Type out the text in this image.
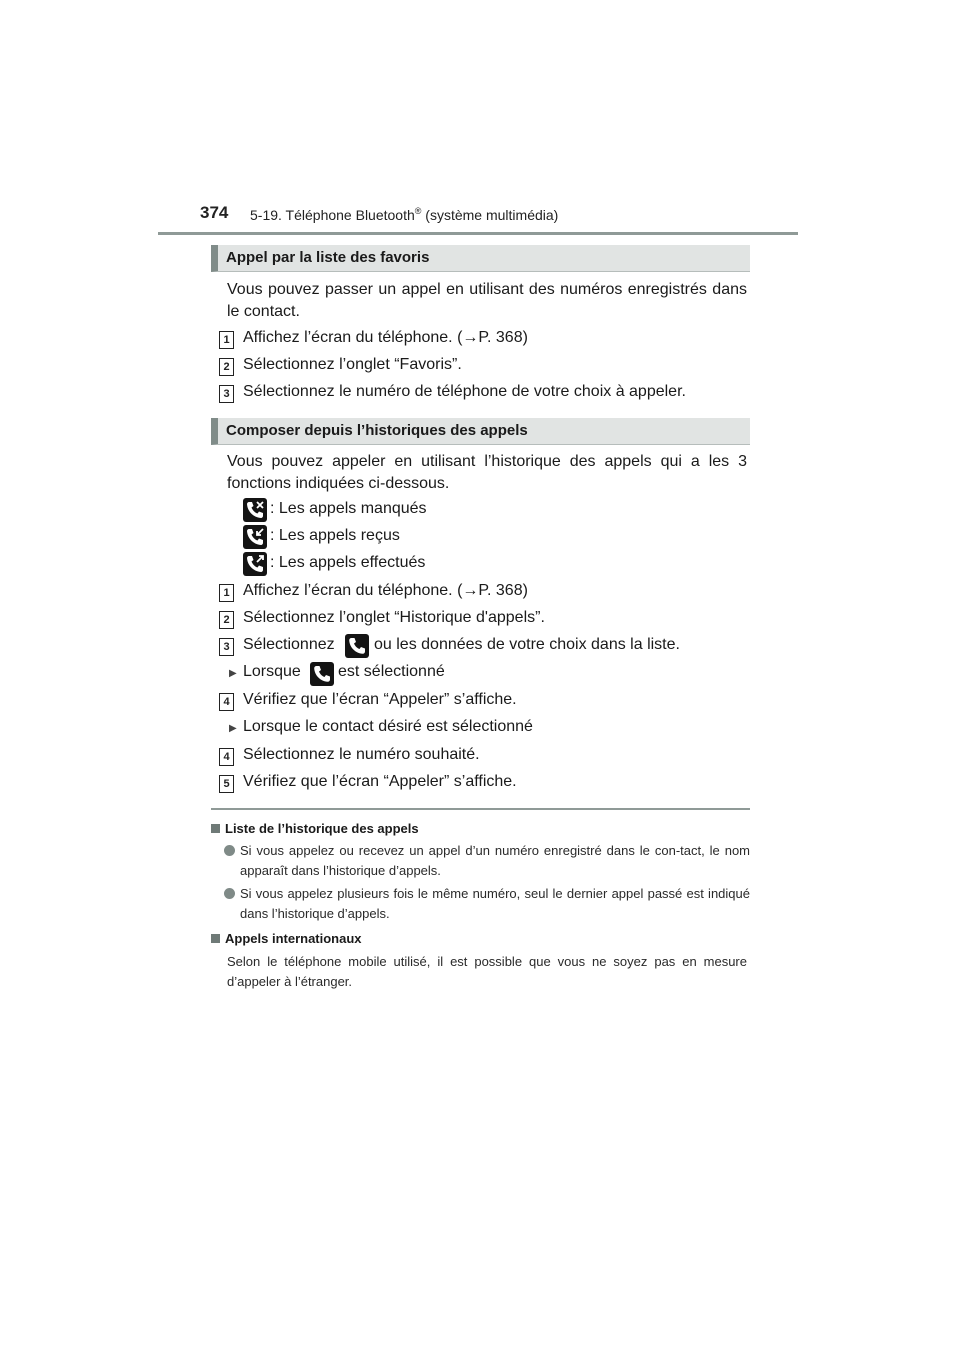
374 5-19. Téléphone Bluetooth® (système multimédia)
Appel par la liste des favoris
Vous pouvez passer un appel en utilisant des numéros enregistrés dans le contact.
1 Affichez l’écran du téléphone. (→P. 368)
2 Sélectionnez l’onglet “Favoris”.
3 Sélectionnez le numéro de téléphone de votre choix à appeler.
Composer depuis l’historiques des appels
Vous pouvez appeler en utilisant l’historique des appels qui a les 3 fonctions indiquées ci-dessous.
: Les appels manqués
: Les appels reçus
: Les appels effectués
1 Affichez l’écran du téléphone. (→P. 368)
2 Sélectionnez l’onglet “Historique d'appels”.
3 Sélectionnez ou les données de votre choix dans la liste.
▶ Lorsque est sélectionné
4 Vérifiez que l’écran “Appeler” s’affiche.
▶ Lorsque le contact désiré est sélectionné
4 Sélectionnez le numéro souhaité.
5 Vérifiez que l’écran “Appeler” s’affiche.
Liste de l’historique des appels
Si vous appelez ou recevez un appel d’un numéro enregistré dans le con-tact, le nom apparaît dans l’historique d’appels.
Si vous appelez plusieurs fois le même numéro, seul le dernier appel passé est indiqué dans l’historique d’appels.
Appels internationaux
Selon le téléphone mobile utilisé, il est possible que vous ne soyez pas en mesure d’appeler à l’étranger.
